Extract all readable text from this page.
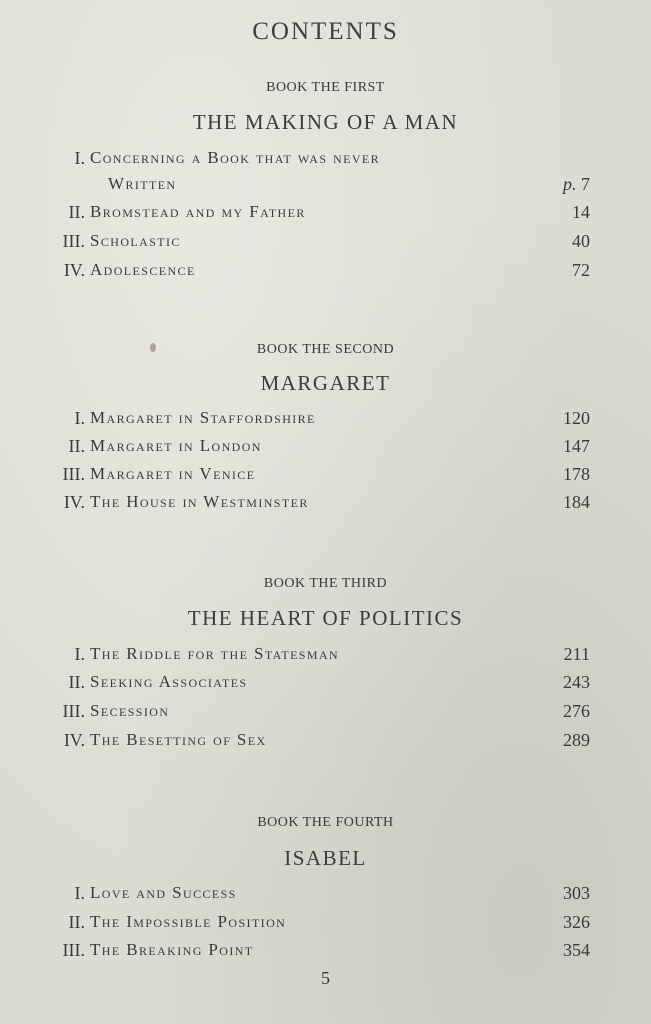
CONTENTS
BOOK THE FIRST
THE MAKING OF A MAN
I. Concerning a Book that was never
Written	p. 7
II. Bromstead and my Father	14
III. Scholastic	40
IV. Adolescence	72
BOOK THE SECOND
MARGARET
I. Margaret in Staffordshire	120
II. Margaret in London	147
III. Margaret in Venice	178
IV. The House in Westminster	184
BOOK THE THIRD
THE HEART OF POLITICS
I. The Riddle for the Statesman	211
II. Seeking Associates	243
III. Secession	276
IV. The Besetting of Sex	289
BOOK THE FOURTH
ISABEL
I. Love and Success	303
II. The Impossible Position	326
III. The Breaking Point	354
5
